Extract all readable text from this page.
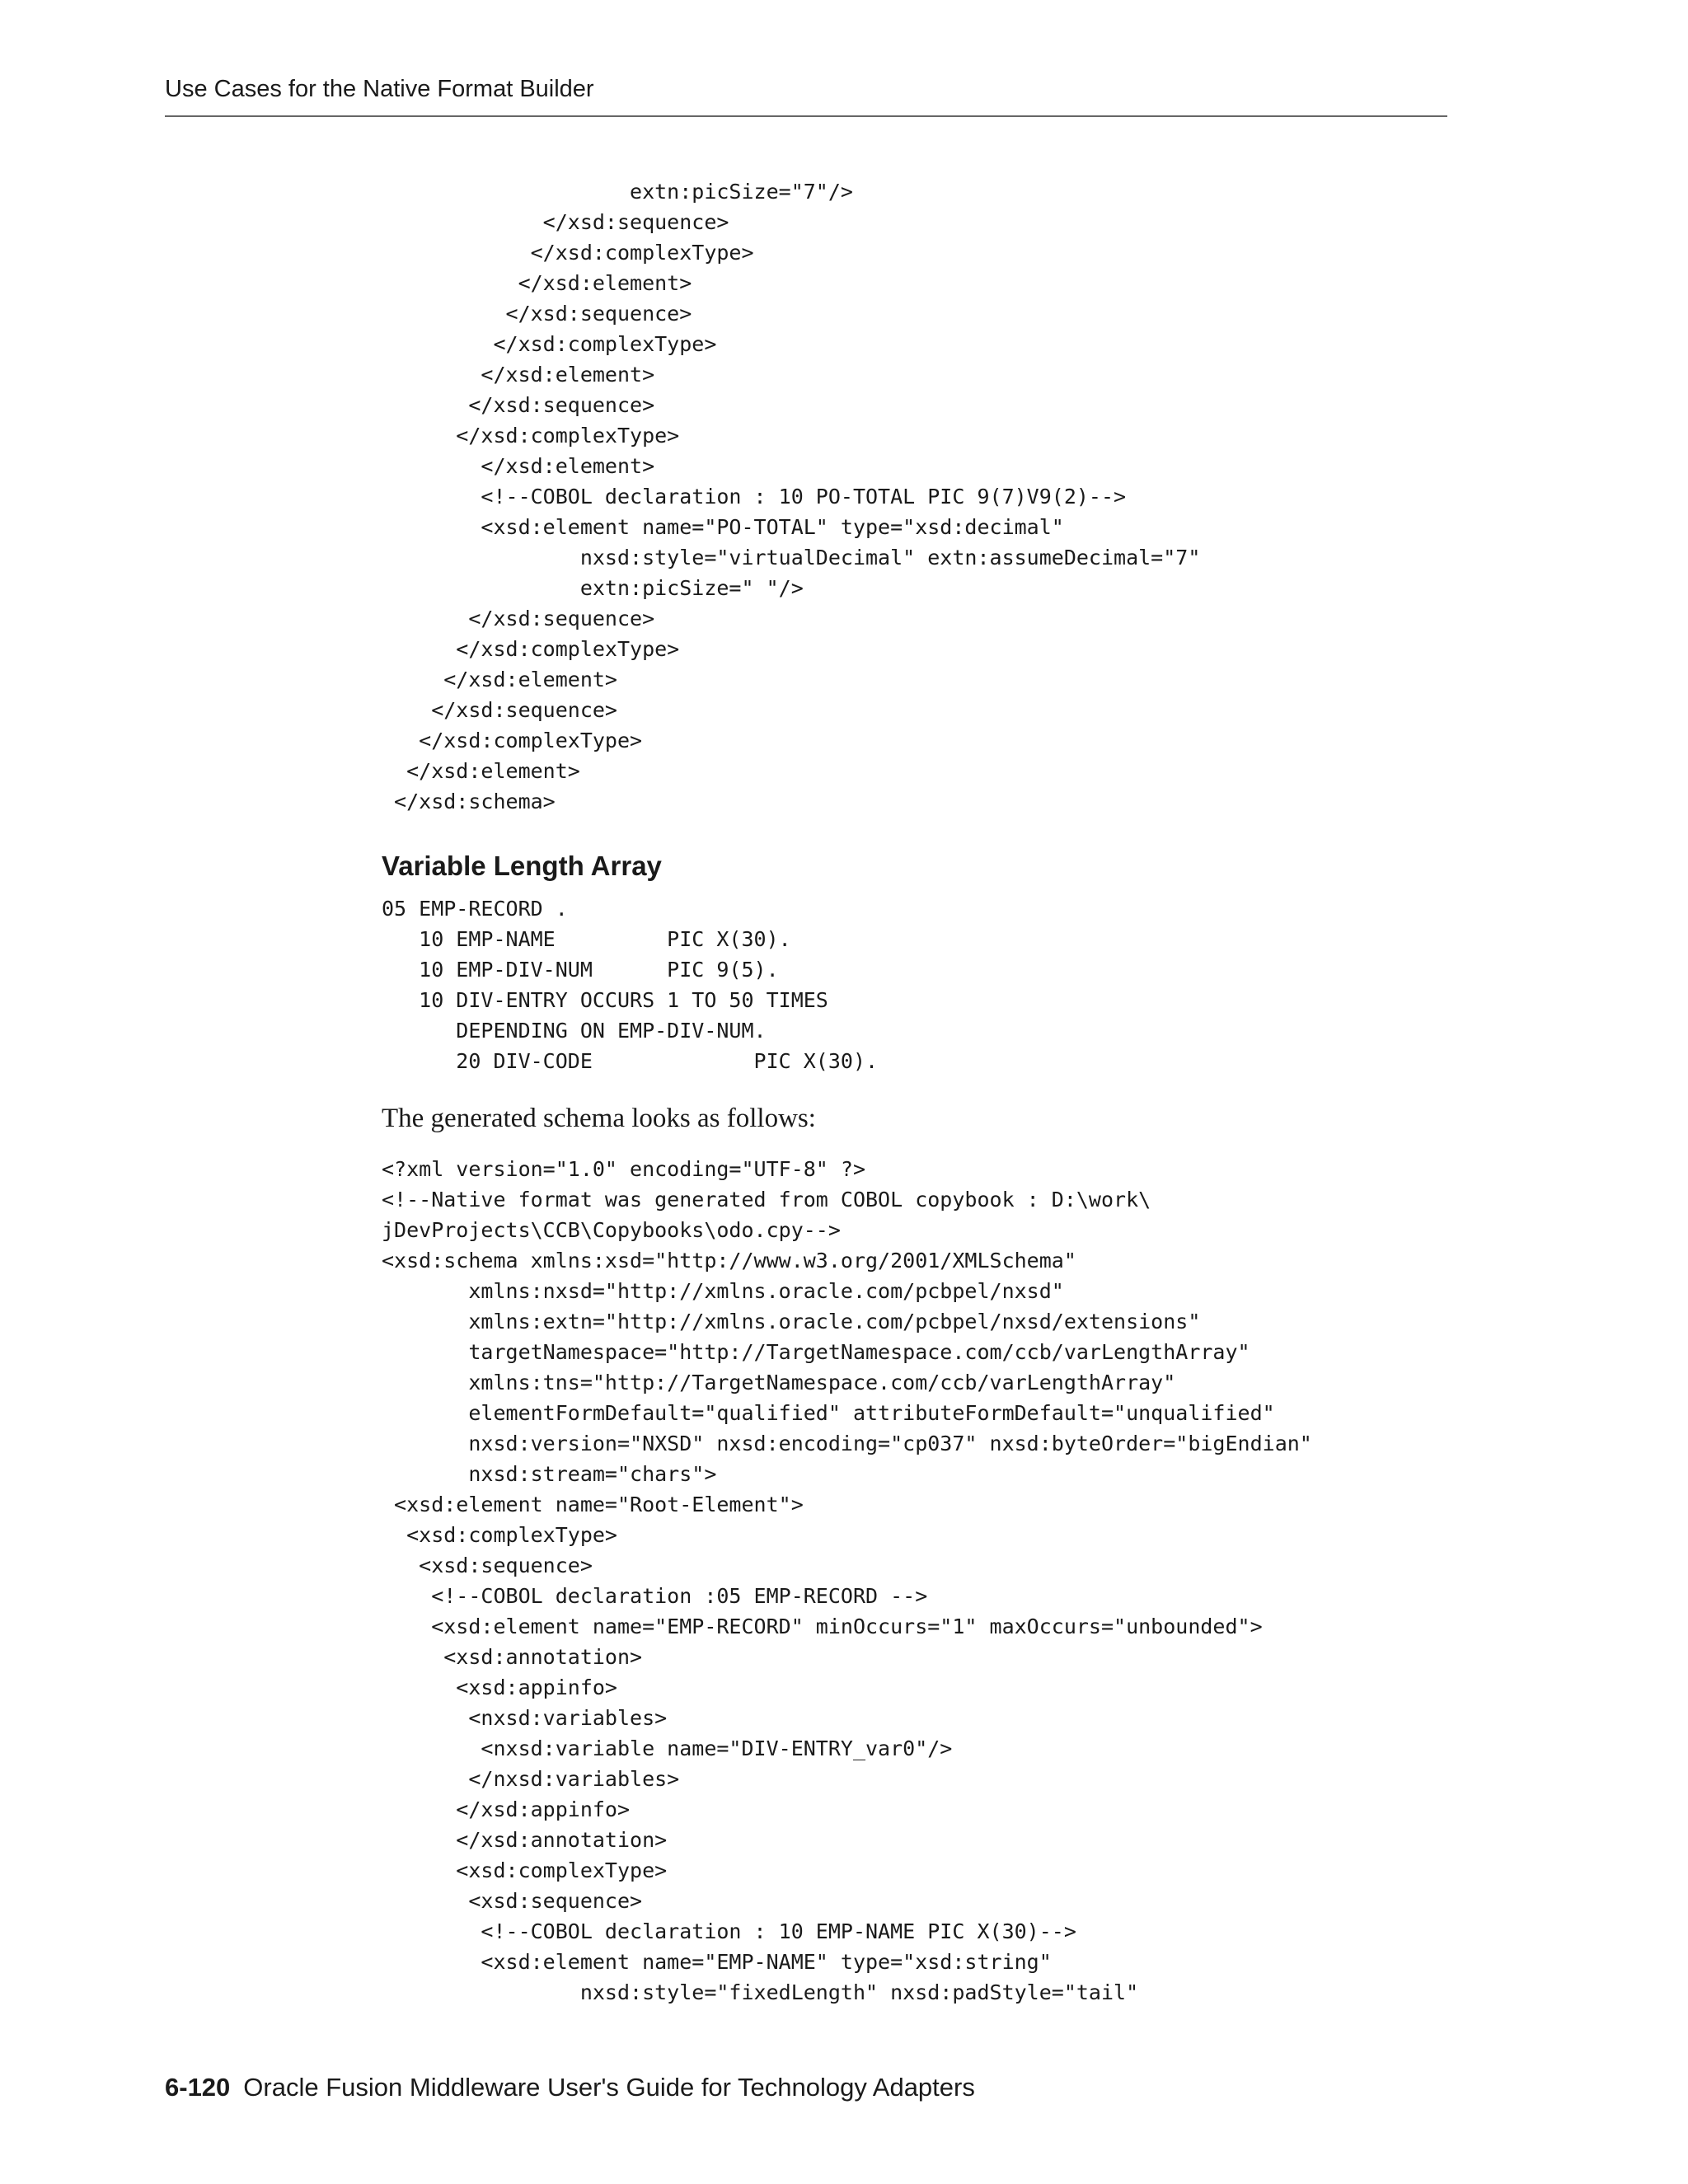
Use Cases for the Native Format Builder
extn:picSize="7"/>
</xsd:sequence>
</xsd:complexType>
</xsd:element>
</xsd:sequence>
</xsd:complexType>
</xsd:element>
</xsd:sequence>
</xsd:complexType>
</xsd:element>
<!--COBOL declaration : 10 PO-TOTAL PIC 9(7)V9(2)-->
<xsd:element name="PO-TOTAL" type="xsd:decimal"
nxsd:style="virtualDecimal" extn:assumeDecimal="7"
extn:picSize=" "/>
</xsd:sequence>
</xsd:complexType>
</xsd:element>
</xsd:sequence>
</xsd:complexType>
</xsd:element>
</xsd:schema>
Variable Length Array
05 EMP-RECORD .
10 EMP-NAME         PIC X(30).
10 EMP-DIV-NUM      PIC 9(5).
10 DIV-ENTRY OCCURS 1 TO 50 TIMES
DEPENDING ON EMP-DIV-NUM.
20 DIV-CODE             PIC X(30).

The generated schema looks as follows:

<?xml version="1.0" encoding="UTF-8" ?>
<!--Native format was generated from COBOL copybook : D:\work\
jDevProjects\CCB\Copybooks\odo.cpy-->
<xsd:schema xmlns:xsd="http://www.w3.org/2001/XMLSchema"
xmlns:nxsd="http://xmlns.oracle.com/pcbpel/nxsd"
xmlns:extn="http://xmlns.oracle.com/pcbpel/nxsd/extensions"
targetNamespace="http://TargetNamespace.com/ccb/varLengthArray"
xmlns:tns="http://TargetNamespace.com/ccb/varLengthArray"
elementFormDefault="qualified" attributeFormDefault="unqualified"
nxsd:version="NXSD" nxsd:encoding="cp037" nxsd:byteOrder="bigEndian"
nxsd:stream="chars">
<xsd:element name="Root-Element">
<xsd:complexType>
<xsd:sequence>
<!--COBOL declaration :05 EMP-RECORD -->
<xsd:element name="EMP-RECORD" minOccurs="1" maxOccurs="unbounded">
<xsd:annotation>
<xsd:appinfo>
<nxsd:variables>
<nxsd:variable name="DIV-ENTRY_var0"/>
</nxsd:variables>
</xsd:appinfo>
</xsd:annotation>
<xsd:complexType>
<xsd:sequence>
<!--COBOL declaration : 10 EMP-NAME PIC X(30)-->
<xsd:element name="EMP-NAME" type="xsd:string"
nxsd:style="fixedLength" nxsd:padStyle="tail"
6-120 Oracle Fusion Middleware User's Guide for Technology Adapters
